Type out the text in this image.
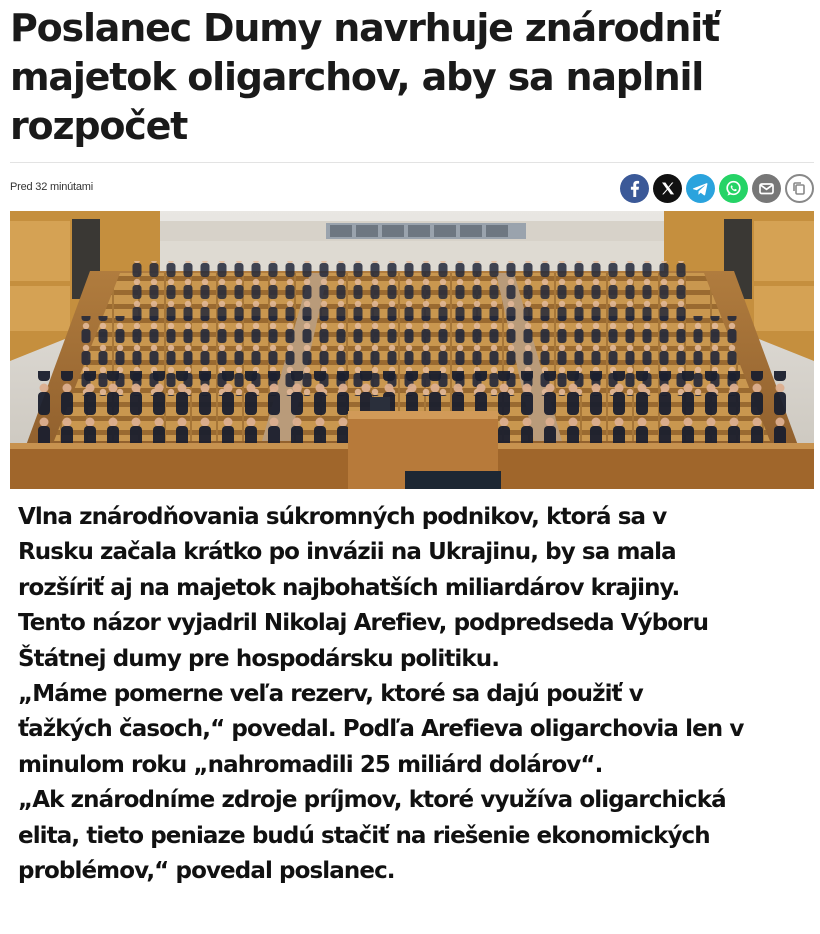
Poslanec Dumy navrhuje znárodniť majetok oligarchov, aby sa naplnil rozpočet
Pred 32 minútami
Vlna znárodňovania súkromných podnikov, ktorá sa v
Rusku začala krátko po invázii na Ukrajinu, by sa mala
rozšíriť aj na majetok najbohatších miliardárov krajiny.
Tento názor vyjadril Nikolaj Arefiev, podpredseda Výboru
Štátnej dumy pre hospodársku politiku.
„Máme pomerne veľa rezerv, ktoré sa dajú použiť v
ťažkých časoch,“ povedal. Podľa Arefieva oligarchovia len v
minulom roku „nahromadili 25 miliárd dolárov“.
„Ak znárodníme zdroje príjmov, ktoré využíva oligarchická
elita, tieto peniaze budú stačiť na riešenie ekonomických
problémov,“ povedal poslanec.
